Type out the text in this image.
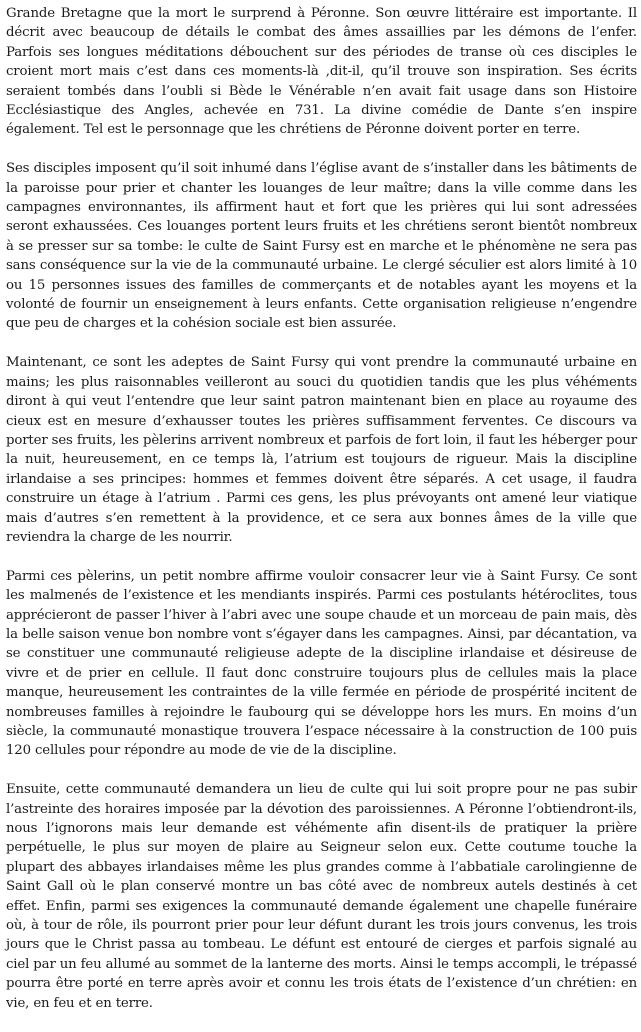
Grande Bretagne que la mort le surprend à Péronne. Son œuvre littéraire est importante. Il décrit avec beaucoup de détails le combat des âmes assaillies par les démons de l’enfer. Parfois ses longues méditations débouchent sur des périodes de transe où ces disciples le croient mort mais c’est dans ces moments-là ,dit-il, qu’il trouve son inspiration. Ses écrits seraient tombés dans l’oubli si Bède le Vénérable n’en avait fait usage dans son Histoire Ecclésiastique des Angles, achevée en 731. La divine comédie de Dante s’en inspire également. Tel est le personnage que les chrétiens de Péronne doivent porter en terre.

Ses disciples imposent qu’il soit inhumé dans l’église avant de s’installer dans les bâtiments de la paroisse pour prier et chanter les louanges de leur maître; dans la ville comme dans les campagnes environnantes, ils affirment haut et fort que les prières qui lui sont adressées seront exhaussées. Ces louanges portent leurs fruits et les chrétiens seront bientôt nombreux à se presser sur sa tombe: le culte de Saint Fursy est en marche et le phénomène ne sera pas sans conséquence sur la vie de la communauté urbaine. Le clergé séculier est alors limité à 10 ou 15 personnes issues des familles de commerçants et de notables ayant les moyens et la volonté de fournir un enseignement à leurs enfants. Cette organisation religieuse n’engendre que peu de charges et la cohésion sociale est bien assurée.

Maintenant, ce sont les adeptes de Saint Fursy qui vont prendre la communauté urbaine en mains; les plus raisonnables veilleront au souci du quotidien tandis que les plus véhéments diront à qui veut l’entendre que leur saint patron maintenant bien en place au royaume des cieux est en mesure d’exhausser toutes les prières suffisamment ferventes. Ce discours va porter ses fruits, les pèlerins arrivent nombreux et parfois de fort loin, il faut les héberger pour la nuit, heureusement, en ce temps là, l’atrium est toujours de rigueur. Mais la discipline irlandaise a ses principes: hommes et femmes doivent être séparés. A cet usage, il faudra construire un étage à l’atrium . Parmi ces gens, les plus prévoyants ont amené leur viatique mais d’autres s’en remettent à la providence, et ce sera aux bonnes âmes de la ville que reviendra la charge de les nourrir.

Parmi ces pèlerins, un petit nombre affirme vouloir consacrer leur vie à Saint Fursy. Ce sont les malmenés de l’existence et les mendiants inspirés. Parmi ces postulants hétéroclites, tous apprécieront de passer l’hiver à l’abri avec une soupe chaude et un morceau de pain mais, dès la belle saison venue bon nombre vont s’égayer dans les campagnes. Ainsi, par décantation, va se constituer une communauté religieuse adepte de la discipline irlandaise et désireuse de vivre et de prier en cellule. Il faut donc construire toujours plus de cellules mais la place manque, heureusement les contraintes de la ville fermée en période de prospérité incitent de nombreuses familles à rejoindre le faubourg qui se développe hors les murs. En moins d’un siècle, la communauté monastique trouvera l’espace nécessaire à la construction de 100 puis 120 cellules pour répondre au mode de vie de la discipline.

Ensuite, cette communauté demandera un lieu de culte qui lui soit propre pour ne pas subir l’astreinte des horaires imposée par la dévotion des paroissiennes. A Péronne l’obtiendront-ils, nous l’ignorons mais leur demande est véhémente afin disent-ils de pratiquer la prière perpétuelle, le plus sur moyen de plaire au Seigneur selon eux. Cette coutume touche la plupart des abbayes irlandaises même les plus grandes comme à l’abbatiale carolingienne de Saint Gall où le plan conservé montre un bas côté avec de nombreux autels destinés à cet effet. Enfin, parmi ses exigences la communauté demande également une chapelle funéraire où, à tour de rôle, ils pourront prier pour leur défunt durant les trois jours convenus, les trois jours que le Christ passa au tombeau. Le défunt est entouré de cierges et parfois signalé au ciel par un feu allumé au sommet de la lanterne des morts. Ainsi le temps accompli, le trépassé pourra être porté en terre après avoir et connu les trois états de l’existence d’un chrétien: en vie, en feu et en terre.
